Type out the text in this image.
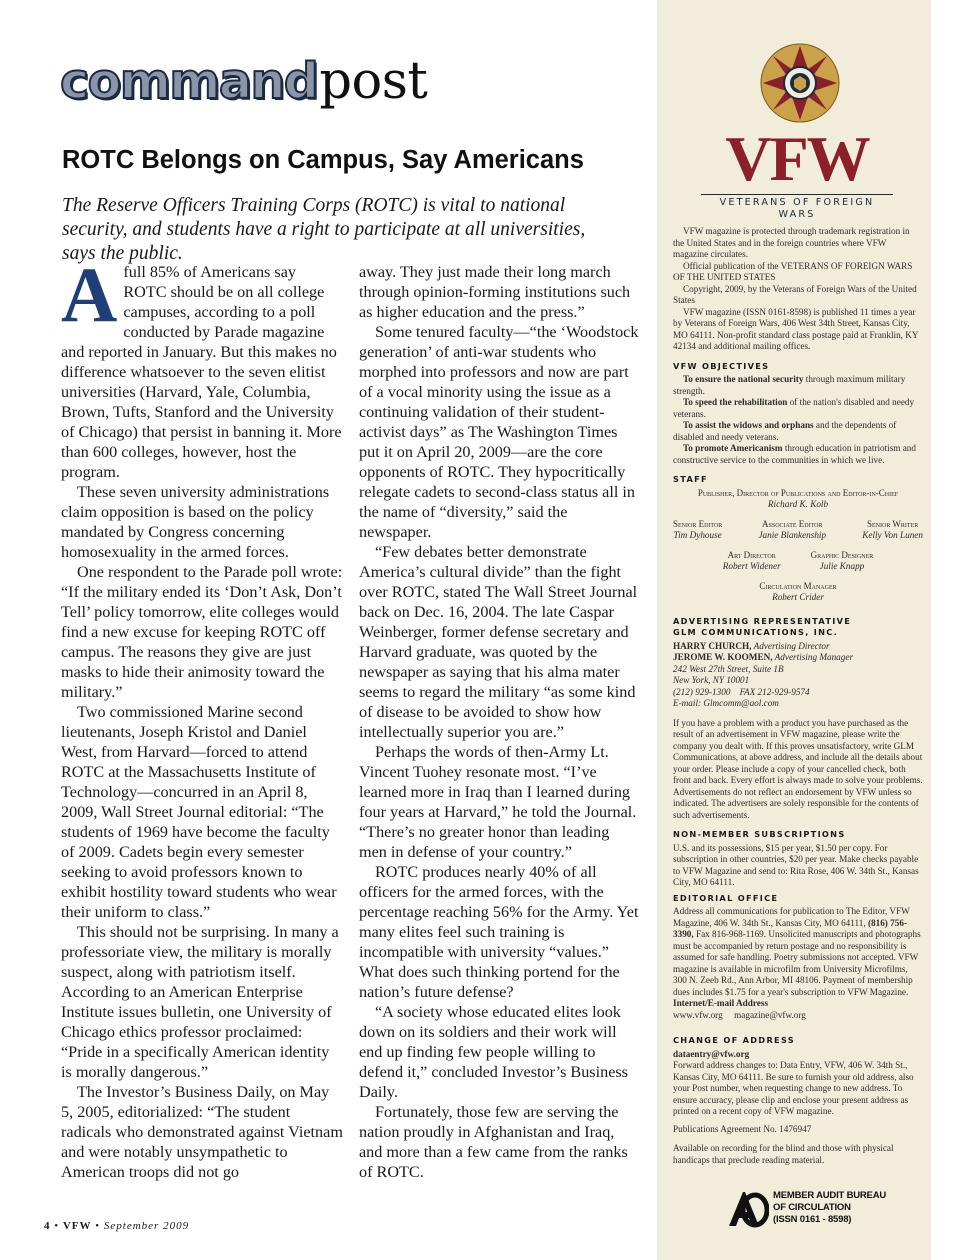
commandpost
ROTC Belongs on Campus, Say Americans

The Reserve Officers Training Corps (ROTC) is vital to national security, and students have a right to participate at all universities, says the public.

A full 85% of Americans say ROTC should be on all college campuses, according to a poll conducted by Parade magazine and reported in January. But this makes no difference whatsoever to the seven elitist universities (Harvard, Yale, Columbia, Brown, Tufts, Stanford and the University of Chicago) that persist in banning it. More than 600 colleges, however, host the program.

These seven university administrations claim opposition is based on the policy mandated by Congress concerning homosexuality in the armed forces.

One respondent to the Parade poll wrote: “If the military ended its ‘Don’t Ask, Don’t Tell’ policy tomorrow, elite colleges would find a new excuse for keeping ROTC off campus. The reasons they give are just masks to hide their animosity toward the military.”

Two commissioned Marine second lieutenants, Joseph Kristol and Daniel West, from Harvard—forced to attend ROTC at the Massachusetts Institute of Technology—concurred in an April 8, 2009, Wall Street Journal editorial: “The students of 1969 have become the faculty of 2009. Cadets begin every semester seeking to avoid professors known to exhibit hostility toward students who wear their uniform to class.”

This should not be surprising. In many a professoriate view, the military is morally suspect, along with patriotism itself. According to an American Enterprise Institute issues bulletin, one University of Chicago ethics professor proclaimed: “Pride in a specifically American identity is morally dangerous.”

The Investor’s Business Daily, on May 5, 2005, editorialized: “The student radicals who demonstrated against Vietnam and were notably unsympathetic to American troops did not go

away. They just made their long march through opinion-forming institutions such as higher education and the press.”

Some tenured faculty—“the ‘Woodstock generation’ of anti-war students who morphed into professors and now are part of a vocal minority using the issue as a continuing validation of their student-activist days” as The Washington Times put it on April 20, 2009—are the core opponents of ROTC. They hypocritically relegate cadets to second-class status all in the name of “diversity,” said the newspaper.

“Few debates better demonstrate America’s cultural divide” than the fight over ROTC, stated The Wall Street Journal back on Dec. 16, 2004. The late Caspar Weinberger, former defense secretary and Harvard graduate, was quoted by the newspaper as saying that his alma mater seems to regard the military “as some kind of disease to be avoided to show how intellectually superior you are.”

Perhaps the words of then-Army Lt. Vincent Tuohey resonate most. “I’ve learned more in Iraq than I learned during four years at Harvard,” he told the Journal. “There’s no greater honor than leading men in defense of your country.”

ROTC produces nearly 40% of all officers for the armed forces, with the percentage reaching 56% for the Army. Yet many elites feel such training is incompatible with university “values.” What does such thinking portend for the nation’s future defense?

“A society whose educated elites look down on its soldiers and their work will end up finding few people willing to defend it,” concluded Investor’s Business Daily.

Fortunately, those few are serving the nation proudly in Afghanistan and Iraq, and more than a few came from the ranks of ROTC.

4 • VFW • September 2009
VFW
VETERANS OF FOREIGN WARS

VFW magazine is protected through trademark registration in the United States and in the foreign countries where VFW magazine circulates.

Official publication of the VETERANS OF FOREIGN WARS OF THE UNITED STATES

Copyright, 2009, by the Veterans of Foreign Wars of the United States

VFW magazine (ISSN 0161-8598) is published 11 times a year by Veterans of Foreign Wars, 406 West 34th Street, Kansas City, MO 64111. Non-profit standard class postage paid at Franklin, KY 42134 and additional mailing offices.

VFW OBJECTIVES

To ensure the national security through maximum military strength.

To speed the rehabilitation of the nation's disabled and needy veterans.

To assist the widows and orphans and the dependents of disabled and needy veterans.

To promote Americanism through education in patriotism and constructive service to the communities in which we live.

STAFF
Publisher, Director of Publications and Editor-in-Chief
Richard K. Kolb
Senior Editor
Tim Dyhouse
Associate Editor
Janie Blankenship
Senior Writer
Kelly Von Lunen
Art Director
Robert Widener
Graphic Designer
Julie Knapp
Circulation Manager
Robert Crider
ADVERTISING REPRESENTATIVE
GLM COMMUNICATIONS, INC.

HARRY CHURCH, Advertising Director

JEROME W. KOOMEN, Advertising Manager

242 West 27th Street, Suite 1B

New York, NY 10001

(212) 929-1300    FAX 212-929-9574

E-mail: Glmcomm@aol.com

If you have a problem with a product you have purchased as the result of an advertisement in VFW magazine, please write the company you dealt with. If this proves unsatisfactory, write GLM Communications, at above address, and include all the details about your order. Please include a copy of your cancelled check, both front and back. Every effort is always made to solve your problems. Advertisements do not reflect an endorsement by VFW unless so indicated. The advertisers are solely responsible for the contents of such advertisements.

NON-MEMBER SUBSCRIPTIONS

U.S. and its possessions, $15 per year, $1.50 per copy. For subscription in other countries, $20 per year. Make checks payable to VFW Magazine and send to: Rita Rose, 406 W. 34th St., Kansas City, MO 64111.

EDITORIAL OFFICE

Address all communications for publication to The Editor, VFW Magazine, 406 W. 34th St., Kansas City, MO 64111, (816) 756-3390, Fax 816-968-1169. Unsolicited manuscripts and photographs must be accompanied by return postage and no responsibility is assumed for safe handling. Poetry submissions not accepted. VFW magazine is available in microfilm from University Microfilms, 300 N. Zeeb Rd., Ann Arbor, MI 48106. Payment of membership dues includes $1.75 for a year's subscription to VFW Magazine.

Internet/E-mail Address

www.vfw.org     magazine@vfw.org

CHANGE OF ADDRESS

dataentry@vfw.org

Forward address changes to: Data Entry, VFW, 406 W. 34th St., Kansas City, MO 64111. Be sure to furnish your old address, also your Post number, when requesting change to new address. To ensure accuracy, please clip and enclose your present address as printed on a recent copy of VFW magazine.

Publications Agreement No. 1476947

Available on recording for the blind and those with physical handicaps that preclude reading material.

MEMBER AUDIT BUREAU
OF CIRCULATION
(ISSN 0161 - 8598)
